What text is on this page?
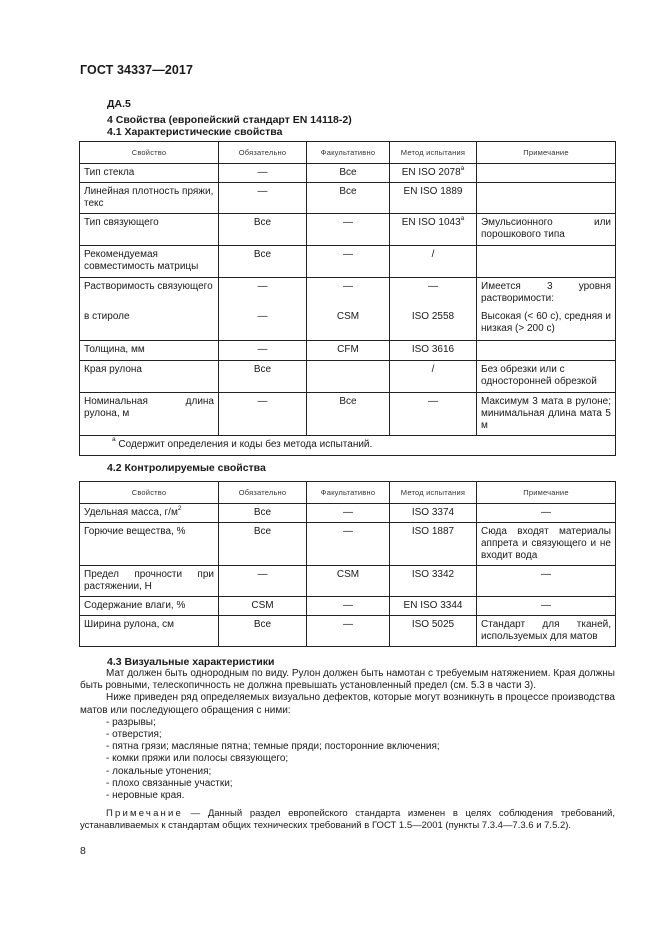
ГОСТ 34337—2017
ДА.5
4 Свойства (европейский стандарт EN 14118-2)
4.1 Характеристические свойства
Свойство	Обязательно	Факультативно	Метод испытания	Примечание
Тип стекла	—	Все	EN ISO 2078$^a$	
Линейная плотность пряжи, текс	—	Все	EN ISO 1889	
Тип связующего	Все	—	EN ISO 1043$^a$	Эмульсионного или порошкового типа
Рекомендуемая совместимость матрицы	Все	—	/	
Растворимость связующего	—	—	—	Имеется 3 уровня растворимости:
в стироле	—	CSM	ISO 2558	Высокая (< 60 с), средняя и низкая (> 200 с)
Толщина, мм	—	CFM	ISO 3616	
Края рулона	Все		/	Без обрезки или с односторонней обрезкой
Номинальная длина рулона, м	—	Все	—	Максимум 3 мата в рулоне; минимальная длина мата 5 м
$^a$ Содержит определения и коды без метода испытаний.				
4.2 Контролируемые свойства
Свойство	Обязательно	Факультативно	Метод испытания	Примечание
Удельная масса, $г/м^2$	Все	—	ISO 3374	—
Горючие вещества, %	Все	—	ISO 1887	Сюда входят материалы аппрета и связующего и не входит вода
Предел прочности при растяжении, Н	—	CSM	ISO 3342	—
Содержание влаги, %	CSM	—	EN ISO 3344	—
Ширина рулона, см	Все	—	ISO 5025	Стандарт для тканей, используемых для матов
4.3 Визуальные характеристики

Мат должен быть однородным по виду. Рулон должен быть намотан с требуемым натяжением. Края должны быть ровными, телескопичность не должна превышать установленный предел (см. 5.3 в части 3).

Ниже приведен ряд определяемых визуально дефектов, которые могут возникнуть в процессе производства матов или последующего обращения с ними:

- разрывы;
- отверстия;
- пятна грязи; масляные пятна; темные пряди; посторонние включения;
- комки пряжи или полосы связующего;
- локальные утонения;
- плохо связанные участки;
- неровные края.

Примечание — Данный раздел европейского стандарта изменен в целях соблюдения требований, устанавливаемых к стандартам общих технических требований в ГОСТ 1.5—2001 (пункты 7.3.4—7.3.6 и 7.5.2).

8
